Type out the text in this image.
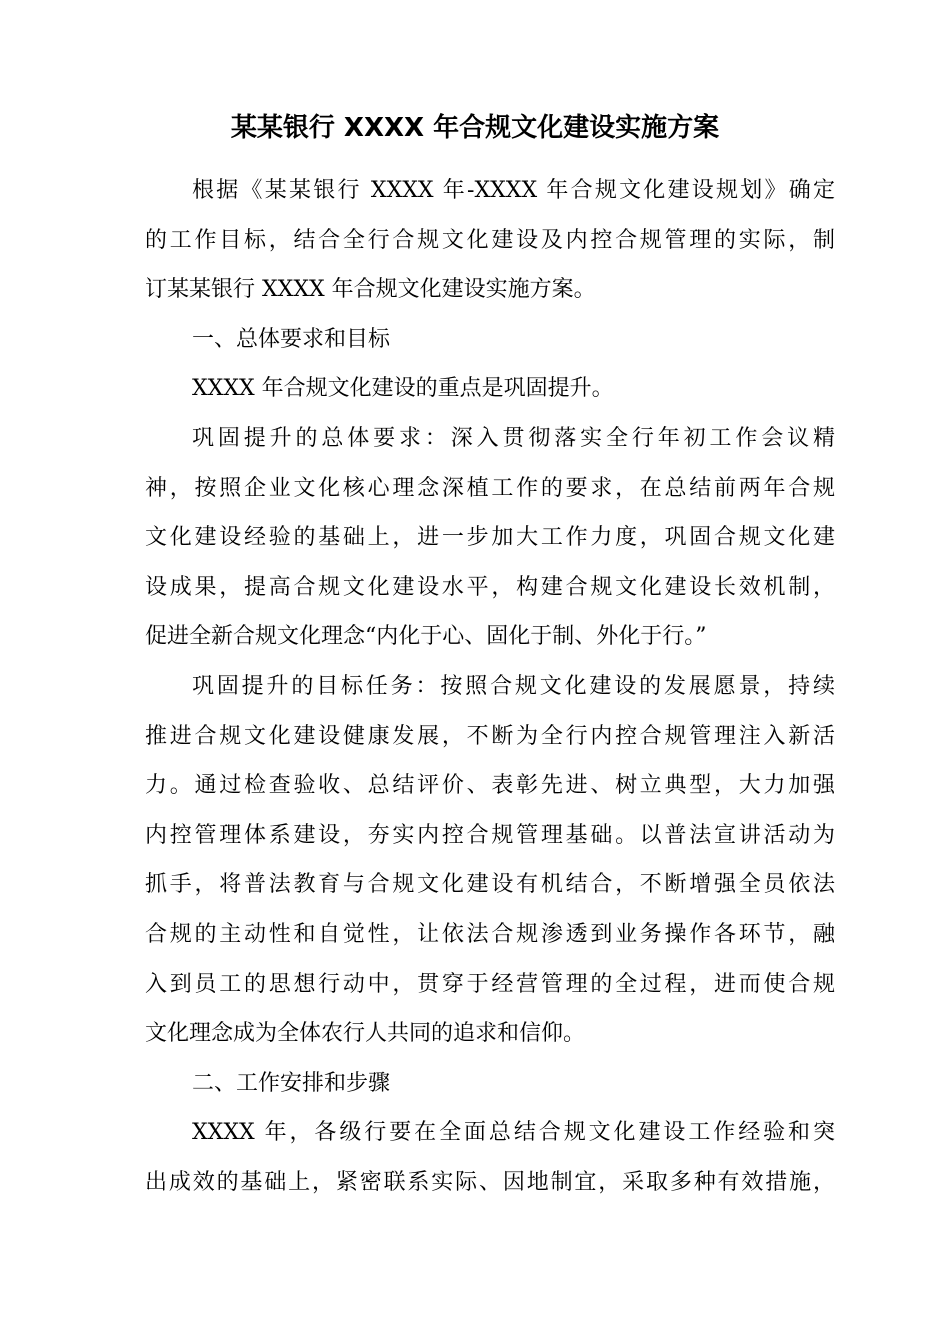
某某银行 XXXX 年合规文化建设实施方案
根据《某某银行 XXXX 年-XXXX 年合规文化建设规划》确定
的工作目标，结合全行合规文化建设及内控合规管理的实际，制
订某某银行 XXXX 年合规文化建设实施方案。
一、总体要求和目标
XXXX 年合规文化建设的重点是巩固提升。
巩固提升的总体要求：深入贯彻落实全行年初工作会议精
神，按照企业文化核心理念深植工作的要求，在总结前两年合规
文化建设经验的基础上，进一步加大工作力度，巩固合规文化建
设成果，提高合规文化建设水平，构建合规文化建设长效机制，
促进全新合规文化理念“内化于心、固化于制、外化于行。”
巩固提升的目标任务：按照合规文化建设的发展愿景，持续
推进合规文化建设健康发展，不断为全行内控合规管理注入新活
力。通过检查验收、总结评价、表彰先进、树立典型，大力加强
内控管理体系建设，夯实内控合规管理基础。以普法宣讲活动为
抓手，将普法教育与合规文化建设有机结合，不断增强全员依法
合规的主动性和自觉性，让依法合规渗透到业务操作各环节，融
入到员工的思想行动中，贯穿于经营管理的全过程，进而使合规
文化理念成为全体农行人共同的追求和信仰。
二、工作安排和步骤
XXXX 年，各级行要在全面总结合规文化建设工作经验和突
出成效的基础上，紧密联系实际、因地制宜，采取多种有效措施，
